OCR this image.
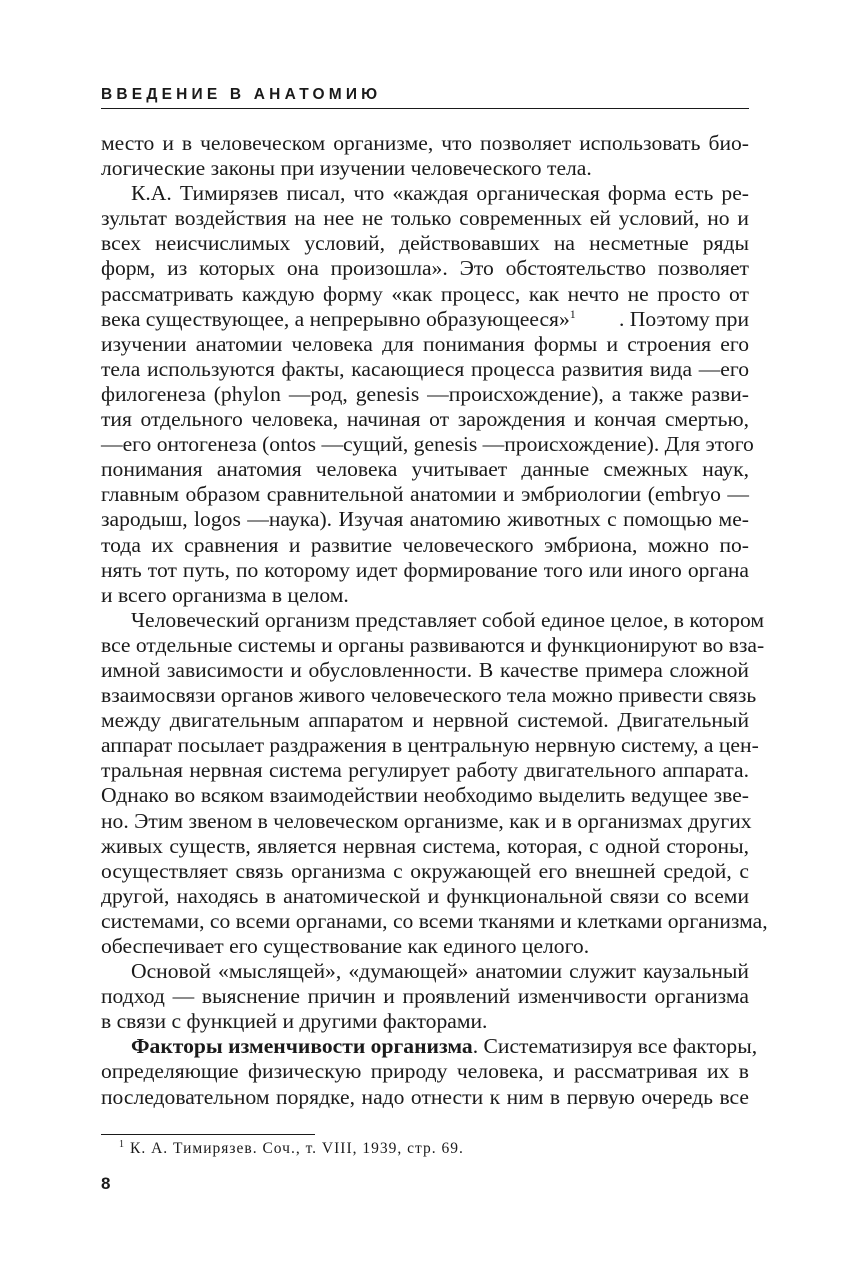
ВВЕДЕНИЕ В АНАТОМИЮ

место и в человеческом организме, что позволяет использовать био-
логические законы при изучении человеческого тела.

К.А. Тимирязев писал, что «каждая органическая форма есть ре-
зультат воздействия на нее не только современных ей условий, но и
всех неисчислимых условий, действовавших на несметные ряды
форм, из которых она произошла». Это обстоятельство позволяет
рассматривать каждую форму «как процесс, как нечто не просто от
века существующее, а непрерывно образующееся»$^1$ . Поэтому при
изучении анатомии человека для понимания формы и строения его
тела используются факты, касающиеся процесса развития вида —его
филогенеза (phylon —род, genesis —происхождение), а также разви-
тия отдельного человека, начиная от зарождения и кончая смертью,
—его онтогенеза (ontos —сущий, genesis —происхождение). Для этого
понимания анатомия человека учитывает данные смежных наук,
главным образом сравнительной анатомии и эмбриологии (embryo —
зародыш, logos —наука). Изучая анатомию животных с помощью ме-
тода их сравнения и развитие человеческого эмбриона, можно по-
нять тот путь, по которому идет формирование того или иного органа
и всего организма в целом.

Человеческий организм представляет собой единое целое, в котором
все отдельные системы и органы развиваются и функционируют во вза-
имной зависимости и обусловленности. В качестве примера сложной
взаимосвязи органов живого человеческого тела можно привести связь
между двигательным аппаратом и нервной системой. Двигательный
аппарат посылает раздражения в центральную нервную систему, а цен-
тральная нервная система регулирует работу двигательного аппарата.
Однако во всяком взаимодействии необходимо выделить ведущее зве-
но. Этим звеном в человеческом организме, как и в организмах других
живых существ, является нервная система, которая, с одной стороны,
осуществляет связь организма с окружающей его внешней средой, с
другой, находясь в анатомической и функциональной связи со всеми
системами, со всеми органами, со всеми тканями и клетками организма,
обеспечивает его существование как единого целого.

Основой «мыслящей», «думающей» анатомии служит каузальный
подход — выяснение причин и проявлений изменчивости организма
в связи с функцией и другими факторами.

Факторы изменчивости организма. Систематизируя все факторы,
определяющие физическую природу человека, и рассматривая их в
последовательном порядке, надо отнести к ним в первую очередь все

$^1$ К. А. Тимирязев. Соч., т. VIII, 1939, стр. 69.
8
